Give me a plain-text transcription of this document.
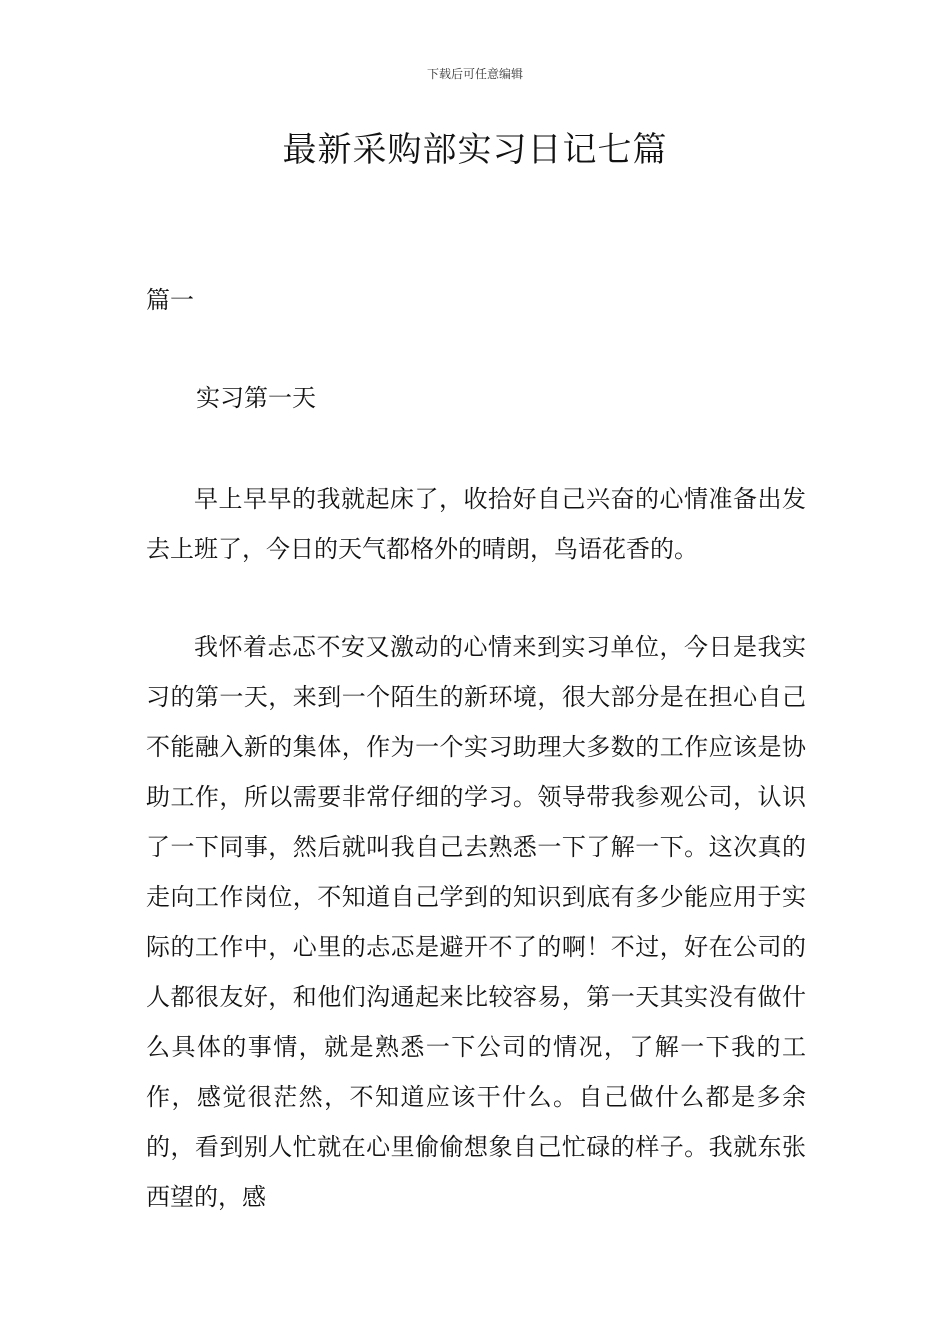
下载后可任意编辑
最新采购部实习日记七篇

篇一

实习第一天

早上早早的我就起床了，收拾好自己兴奋的心情准备出发去上班了，今日的天气都格外的晴朗，鸟语花香的。

我怀着忐忑不安又激动的心情来到实习单位，今日是我实习的第一天，来到一个陌生的新环境，很大部分是在担心自己不能融入新的集体，作为一个实习助理大多数的工作应该是协助工作，所以需要非常仔细的学习。领导带我参观公司，认识了一下同事，然后就叫我自己去熟悉一下了解一下。这次真的走向工作岗位，不知道自己学到的知识到底有多少能应用于实际的工作中，心里的忐忑是避开不了的啊！不过，好在公司的人都很友好，和他们沟通起来比较容易，第一天其实没有做什么具体的事情，就是熟悉一下公司的情况，了解一下我的工作，感觉很茫然，不知道应该干什么。自己做什么都是多余的，看到别人忙就在心里偷偷想象自己忙碌的样子。我就东张西望的，感
